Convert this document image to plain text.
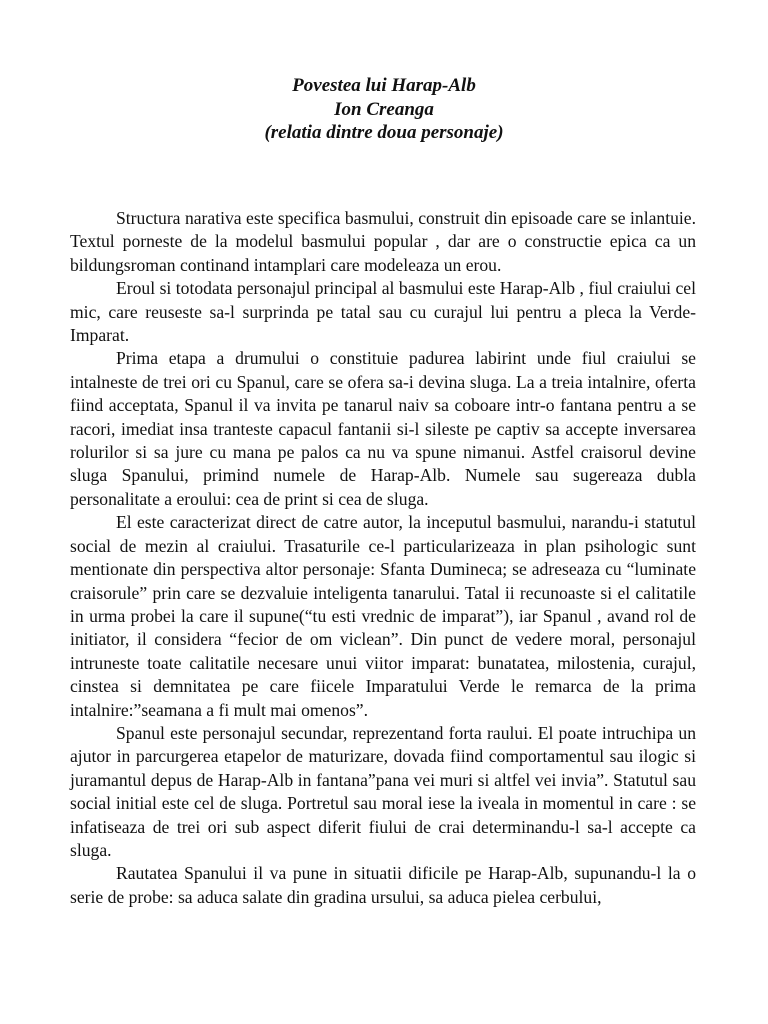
Povestea lui Harap-Alb
Ion Creanga
(relatia dintre doua personaje)

Structura narativa este specifica basmului, construit din episoade care se inlantuie. Textul porneste de la modelul basmului popular , dar are o constructie epica ca un bildungsroman continand intamplari care modeleaza un erou.

Eroul si totodata personajul principal al basmului este Harap-Alb , fiul craiului cel mic, care reuseste sa-l surprinda pe tatal sau cu curajul lui pentru a pleca la Verde-Imparat.

Prima etapa a drumului o constituie padurea labirint unde fiul craiului se intalneste de trei ori cu Spanul, care se ofera sa-i devina sluga. La a treia intalnire, oferta fiind acceptata, Spanul il va invita pe tanarul naiv sa coboare intr-o fantana pentru a se racori, imediat insa tranteste capacul fantanii si-l sileste pe captiv sa accepte inversarea rolurilor si sa jure cu mana pe palos ca nu va spune nimanui. Astfel craisorul devine sluga Spanului, primind numele de Harap-Alb. Numele sau sugereaza dubla personalitate a eroului: cea de print si cea de sluga.

El este caracterizat direct de catre autor, la inceputul basmului, narandu-i statutul social de mezin al craiului. Trasaturile ce-l particularizeaza in plan psihologic sunt mentionate din perspectiva altor personaje: Sfanta Dumineca; se adreseaza cu “luminate craisorule” prin care se dezvaluie inteligenta tanarului. Tatal ii recunoaste si el calitatile in urma probei la care il supune(“tu esti vrednic de imparat”), iar Spanul , avand rol de initiator, il considera “fecior de om viclean”. Din punct de vedere moral, personajul intruneste toate calitatile necesare unui viitor imparat: bunatatea, milostenia, curajul, cinstea si demnitatea pe care fiicele Imparatului Verde le remarca de la prima intalnire:”seamana a fi mult mai omenos”.

Spanul este personajul secundar, reprezentand forta raului. El poate intruchipa un ajutor in parcurgerea etapelor de maturizare, dovada fiind comportamentul sau ilogic si juramantul depus de Harap-Alb in fantana”pana vei muri si altfel vei invia”. Statutul sau social initial este cel de sluga. Portretul sau moral iese la iveala in momentul in care : se infatiseaza de trei ori sub aspect diferit fiului de crai determinandu-l sa-l accepte ca sluga.

Rautatea Spanului il va pune in situatii dificile pe Harap-Alb, supunandu-l la o serie de probe: sa aduca salate din gradina ursului, sa aduca pielea cerbului,
